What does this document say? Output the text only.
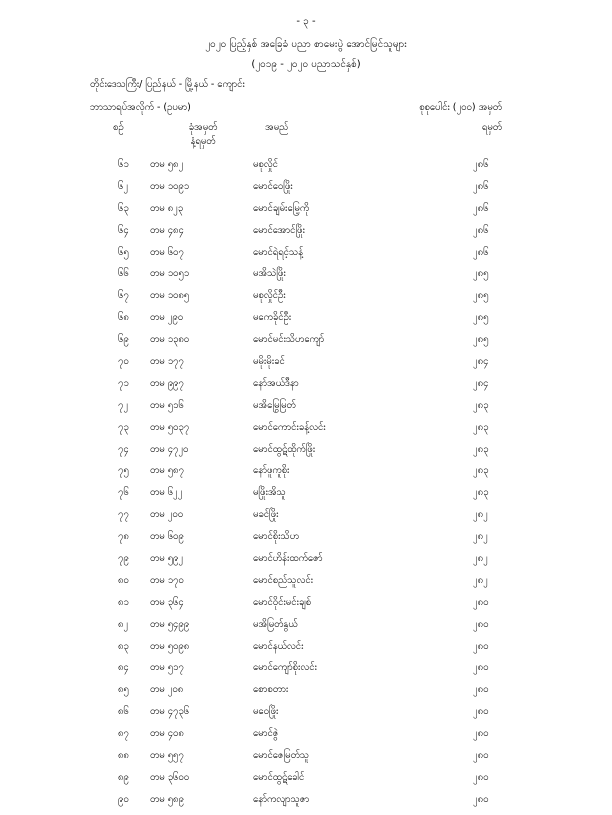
- ၃ -
၂၀၂၀ ပြည့်နှစ် အခြေခံ ပညာ စာမေးပွဲ အောင်မြင်သူများ
(၂၀၁၉ - ၂၀၂၀ ပညာသင်နှစ်)
တိုင်းဒေသကြီး/ ပြည်နယ် - မြို့နယ် - ကျောင်း
ဘာသာရပ်အလိုက် - (ဥပမာ)	စုစုပေါင်း (၂၀၀) အမှတ်
စဉ်	ခုံအမှတ်
နံ့ရမှတ်
အမည်	ရမှတ်
၆၁ တမ ၅၈၂	မစုလှိုင်	၂၈၆
၆၂ တမ ၁၀၉၁	မောင်ဝေဖြိုး	၂၈၆
၆၃ တမ ၈၂၃	မောင်ချမ်းမြေ့ကို	၂၈၆
၆၄ တမ ၄၈၄	မောင်အောင်ဖြိုး	၂၈၆
၆၅ တမ ၆၀၇	မောင်ရဲရင့်သန့်	၂၈၆
၆၆ တမ ၁၀၅၁	မအိသဲဖြိုး	၂၈၅
၆၇ တမ ၁၀၈၅	မစုလှိုင်ဦး	၂၈၅
၆၈ တမ ၂၉၀	မကေခိုင်ဦး	၂၈၅
၆၉ တမ ၁၃၈၀	မောင်မင်းသိဟကျော်	၂၈၅
၇၀ တမ ၁၇၇	မမိုးမိုးခင်	၂၈၄
၇၁ တမ ၉၉၇	နော်အယ်ဒီနာ	၂၈၄
၇၂ တမ ၅၁၆	မအိမြွေမြတ်	၂၈၃
၇၃ တမ ၅၀၃၇	မောင်ကောင်းခန့်လင်း	၂၈၃
၇၄ တမ ၄၇၂၀	မောင်ထွဋ်ထိုက်ဖြိုး	၂၈၃
၇၅ တမ ၅၈၇	နော်ဖူကူစိုး	၂၈၃
၇၆ တမ ၆၂၂	မဖြိုးအိသူ	၂၈၃
၇၇ တမ ၂၀၀	မခင်ဖြိုး	၂၈၂
၇၈ တမ ၆၀၉	မောင်စိုးသိဟ	၂၈၂
၇၉ တမ ၅၉၂	မောင်ဟိန်းထက်ဇော်	၂၈၂
၈၀ တမ ၁၇၀	မောင်စည်သူလင်း	၂၈၂
၈၁ တမ ၃၆၄	မောင်ဝိုင်းမင်းချစ်	၂၈၀
၈၂ တမ ၅၄၉၉	မအိမြတ်နွယ်	၂၈၀
၈၃ တမ ၅၀၉၈	မောင်နယ်လင်း	၂၈၀
၈၄ တမ ၅၁၇	မောင်ကျော်စိုးလင်း	၂၈၀
၈၅ တမ ၂၀၈	စောစတား	၂၈၀
၈၆ တမ ၄၇၃၆	မဝေဖြိုး	၂၈၀
၈၇ တမ ၄၀၈	မောင်ဇွဲ	၂၈၀
၈၈ တမ ၅၅၇	မောင်ဇေမြတ်သူ	၂၈၀
၈၉ တမ ၃၆၀၀	မောင်ထွဋ်ခေါင်	၂၈၀
၉၀ တမ ၅၈၉	နော်ကလျာသူဇာ	၂၈၀
